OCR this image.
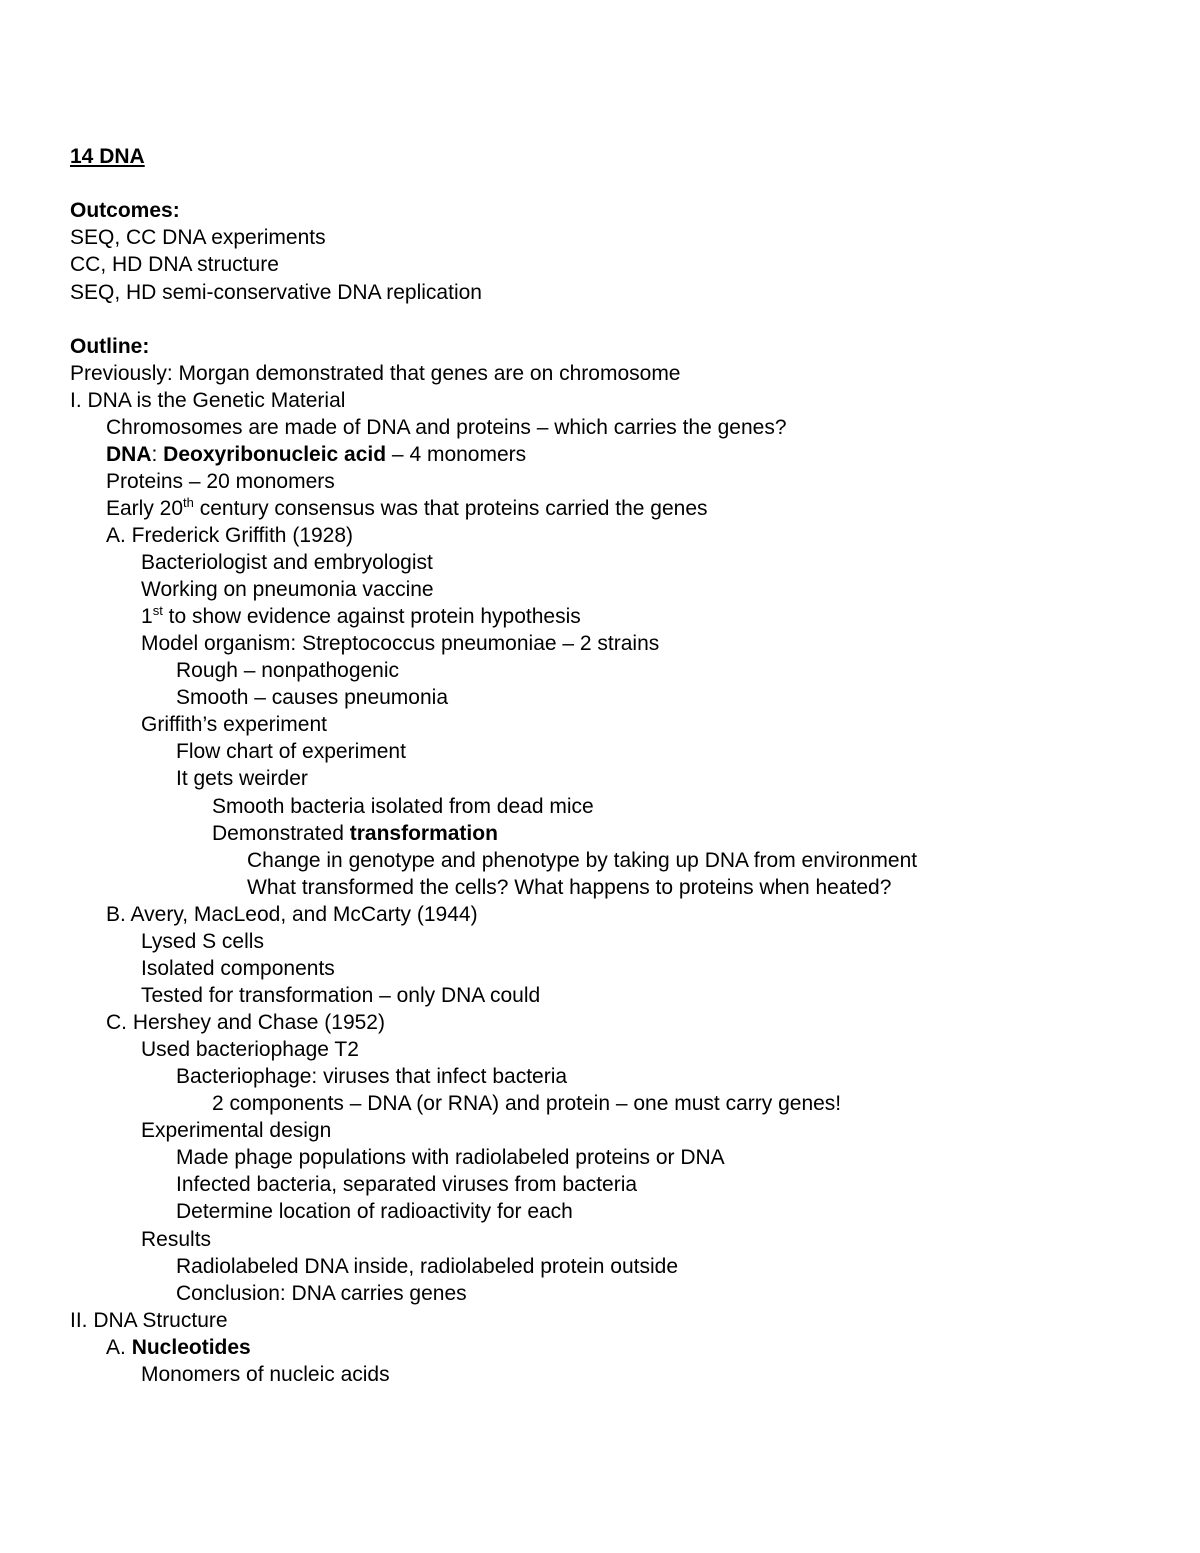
14 DNA
Outcomes:
SEQ, CC DNA experiments
CC, HD DNA structure
SEQ, HD semi-conservative DNA replication
Outline:
Previously: Morgan demonstrated that genes are on chromosome
I. DNA is the Genetic Material
Chromosomes are made of DNA and proteins – which carries the genes?
DNA: Deoxyribonucleic acid – 4 monomers
Proteins – 20 monomers
Early 20th century consensus was that proteins carried the genes
A. Frederick Griffith (1928)
Bacteriologist and embryologist
Working on pneumonia vaccine
1st to show evidence against protein hypothesis
Model organism: Streptococcus pneumoniae – 2 strains
Rough – nonpathogenic
Smooth – causes pneumonia
Griffith’s experiment
Flow chart of experiment
It gets weirder
Smooth bacteria isolated from dead mice
Demonstrated transformation
Change in genotype and phenotype by taking up DNA from environment
What transformed the cells? What happens to proteins when heated?
B. Avery, MacLeod, and McCarty (1944)
Lysed S cells
Isolated components
Tested for transformation – only DNA could
C. Hershey and Chase (1952)
Used bacteriophage T2
Bacteriophage: viruses that infect bacteria
2 components – DNA (or RNA) and protein – one must carry genes!
Experimental design
Made phage populations with radiolabeled proteins or DNA
Infected bacteria, separated viruses from bacteria
Determine location of radioactivity for each
Results
Radiolabeled DNA inside, radiolabeled protein outside
Conclusion: DNA carries genes
II. DNA Structure
A. Nucleotides
Monomers of nucleic acids
